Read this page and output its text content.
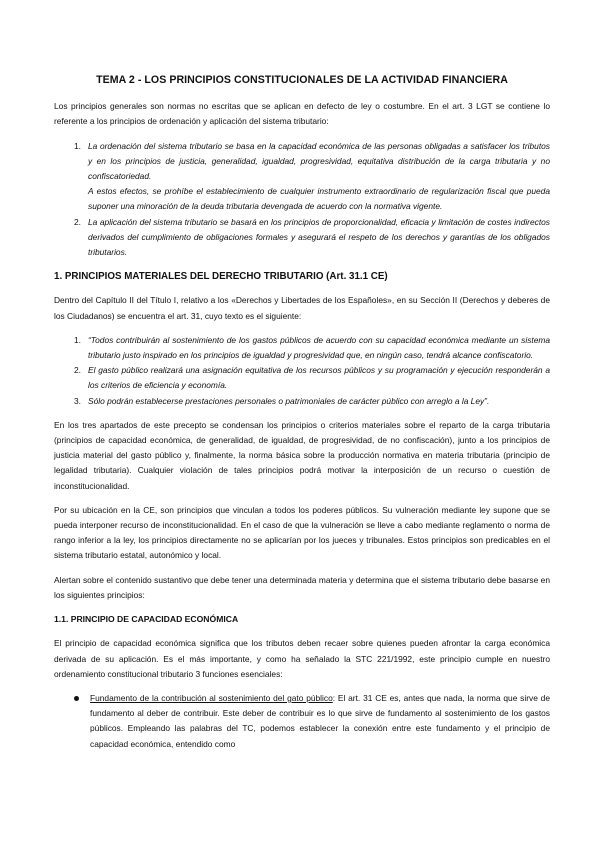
TEMA 2 - LOS PRINCIPIOS CONSTITUCIONALES DE LA ACTIVIDAD FINANCIERA

Los principios generales son normas no escritas que se aplican en defecto de ley o costumbre. En el art. 3 LGT se contiene lo referente a los principios de ordenación y aplicación del sistema tributario:

1. La ordenación del sistema tributario se basa en la capacidad económica de las personas obligadas a satisfacer los tributos y en los principios de justicia, generalidad, igualdad, progresividad, equitativa distribución de la carga tributaria y no confiscatoriedad.
A estos efectos, se prohíbe el establecimiento de cualquier instrumento extraordinario de regularización fiscal que pueda suponer una minoración de la deuda tributaria devengada de acuerdo con la normativa vigente.
2. La aplicación del sistema tributario se basará en los principios de proporcionalidad, eficacia y limitación de costes indirectos derivados del cumplimiento de obligaciones formales y asegurará el respeto de los derechos y garantías de los obligados tributarios.
1. PRINCIPIOS MATERIALES DEL DERECHO TRIBUTARIO (Art. 31.1 CE)

Dentro del Capítulo II del Título I, relativo a los «Derechos y Libertades de los Españoles», en su Sección II (Derechos y deberes de los Ciudadanos) se encuentra el art. 31, cuyo texto es el siguiente:

1. “Todos contribuirán al sostenimiento de los gastos públicos de acuerdo con su capacidad económica mediante un sistema tributario justo inspirado en los principios de igualdad y progresividad que, en ningún caso, tendrá alcance confiscatorio.
2. El gasto público realizará una asignación equitativa de los recursos públicos y su programación y ejecución responderán a los criterios de eficiencia y economía.
3. Sólo podrán establecerse prestaciones personales o patrimoniales de carácter público con arreglo a la Ley”.

En los tres apartados de este precepto se condensan los principios o criterios materiales sobre el reparto de la carga tributaria (principios de capacidad económica, de generalidad, de igualdad, de progresividad, de no confiscación), junto a los principios de justicia material del gasto público y, finalmente, la norma básica sobre la producción normativa en materia tributaria (principio de legalidad tributaria). Cualquier violación de tales principios podrá motivar la interposición de un recurso o cuestión de inconstitucionalidad.

Por su ubicación en la CE, son principios que vinculan a todos los poderes públicos. Su vulneración mediante ley supone que se pueda interponer recurso de inconstitucionalidad. En el caso de que la vulneración se lleve a cabo mediante reglamento o norma de rango inferior a la ley, los principios directamente no se aplicarían por los jueces y tribunales. Estos principios son predicables en el sistema tributario estatal, autonómico y local.

Alertan sobre el contenido sustantivo que debe tener una determinada materia y determina que el sistema tributario debe basarse en los siguientes principios:

1.1. PRINCIPIO DE CAPACIDAD ECONÓMICA

El principio de capacidad económica significa que los tributos deben recaer sobre quienes pueden afrontar la carga económica derivada de su aplicación. Es el más importante, y como ha señalado la STC 221/1992, este principio cumple en nuestro ordenamiento constitucional tributario 3 funciones esenciales:

Fundamento de la contribución al sostenimiento del gato público: El art. 31 CE es, antes que nada, la norma que sirve de fundamento al deber de contribuir. Este deber de contribuir es lo que sirve de fundamento al sostenimiento de los gastos públicos. Empleando las palabras del TC, podemos establecer la conexión entre este fundamento y el principio de capacidad económica, entendido como
